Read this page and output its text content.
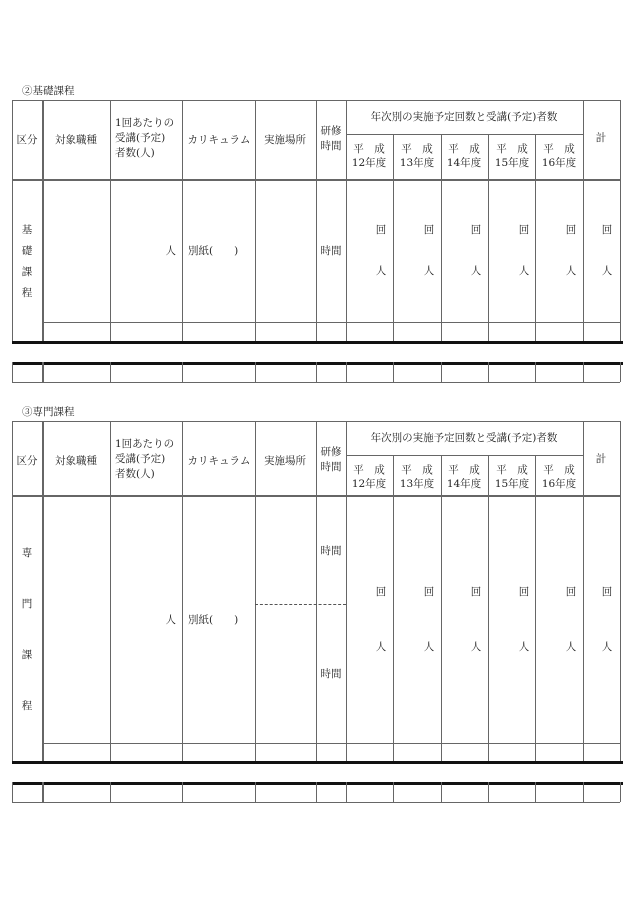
②基礎課程
区分 対象職種
1回あたりの
受講(予定)
者数(人)
カリキュラム 実施場所
研修
時間
年次別の実施予定回数と受講(予定)者数
計
平　成
12年度
平　成
13年度
平　成
14年度
平　成
15年度
平　成
16年度
基
礎
課
程
人 別紙(　　)	時間
回
人
回
人
回
人
回
人
回
人
回
人
③専門課程
区分 対象職種
1回あたりの
受講(予定)
者数(人)
カリキュラム 実施場所
研修
時間
年次別の実施予定回数と受講(予定)者数
計
平　成
12年度
平　成
13年度
平　成
14年度
平　成
15年度
平　成
16年度
専
門
課
程
人 別紙(　　)
時間
時間
回
人
回
人
回
人
回
人
回
人
回
人
